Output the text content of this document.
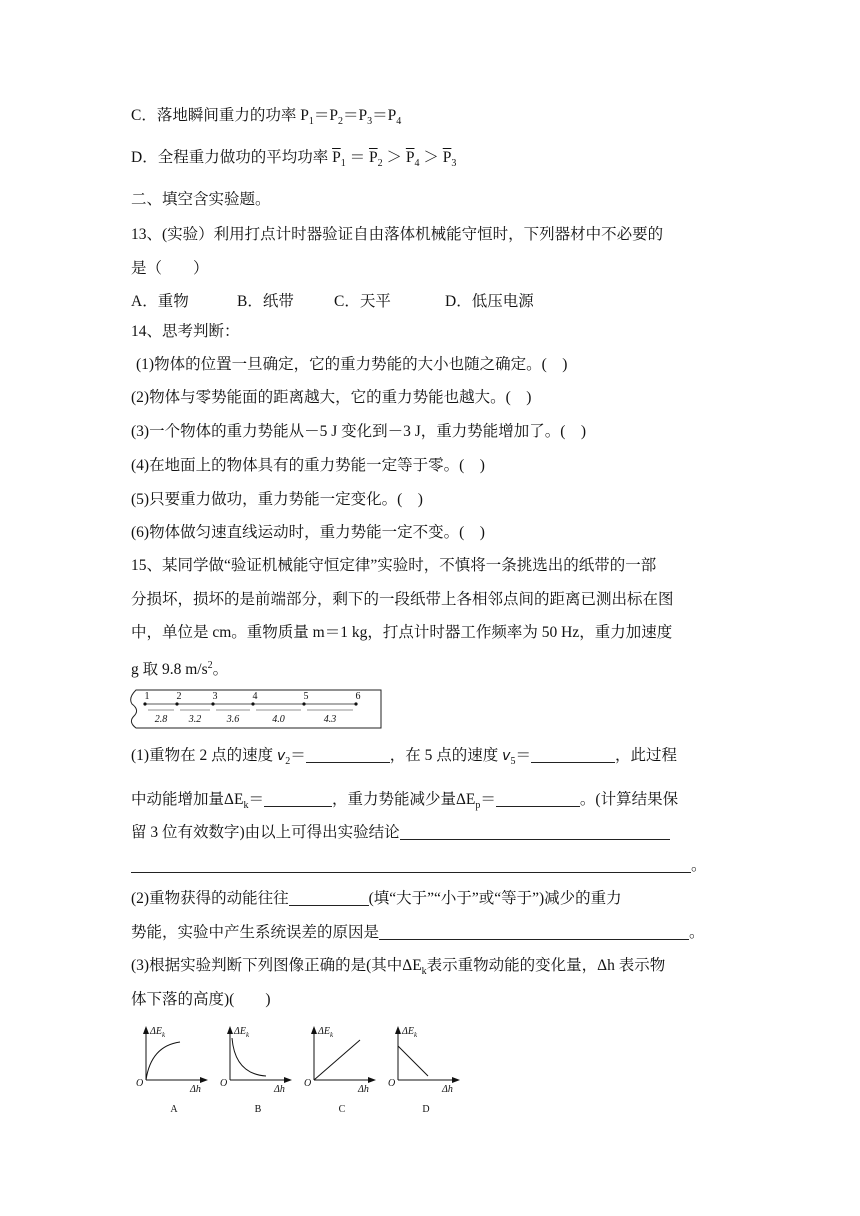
C．落地瞬间重力的功率 $P_1=P_2=P_3=P_4$
D．全程重力做功的平均功率 $\overline{P}_1 = \overline{P}_2 > \overline{P}_4 > \overline{P}_3$
二、填空含实验题。
13、(实验）利用打点计时器验证自由落体机械能守恒时，下列器材中不必要的
是（　　）
A．重物	B．纸带	C．天平	D．低压电源
14、思考判断：
(1)物体的位置一旦确定，它的重力势能的大小也随之确定。(　)
(2)物体与零势能面的距离越大，它的重力势能也越大。(　)
(3)一个物体的重力势能从－5 J 变化到－3 J，重力势能增加了。(　)
(4)在地面上的物体具有的重力势能一定等于零。(　)
(5)只要重力做功，重力势能一定变化。(　)
(6)物体做匀速直线运动时，重力势能一定不变。(　)
15、某同学做“验证机械能守恒定律”实验时，不慎将一条挑选出的纸带的一部
分损坏，损坏的是前端部分，剩下的一段纸带上各相邻点间的距离已测出标在图
中，单位是 cm。重物质量 m＝1 kg，打点计时器工作频率为 50 Hz，重力加速度
g 取 9.8 $m/s^2$。
1	2	3	4	5	6
2.8 3.2	3.6	4.0	4.3
(1)重物在 2 点的速度 $v_2=$	，在 5 点的速度 $v_5=$	，此过程
中动能增加量$\Delta E_k=$	，重力势能减少量$\Delta E_p=$	。(计算结果保
留 3 位有效数字)由以上可得出实验结论
。
(2)重物获得的动能往往	(填“大于”“小于”或“等于”)减少的重力
势能，实验中产生系统误差的原因是	。
(3)根据实验判断下列图像正确的是(其中$\Delta E_k$表示重物动能的变化量，Δh 表示物
体下落的高度)(　　)
$\Delta E_k$
Δh
O
A
$\Delta E_k$
Δh
O
B
$\Delta E_k$
Δh
O
C
$\Delta E_k$
Δh
O
D
